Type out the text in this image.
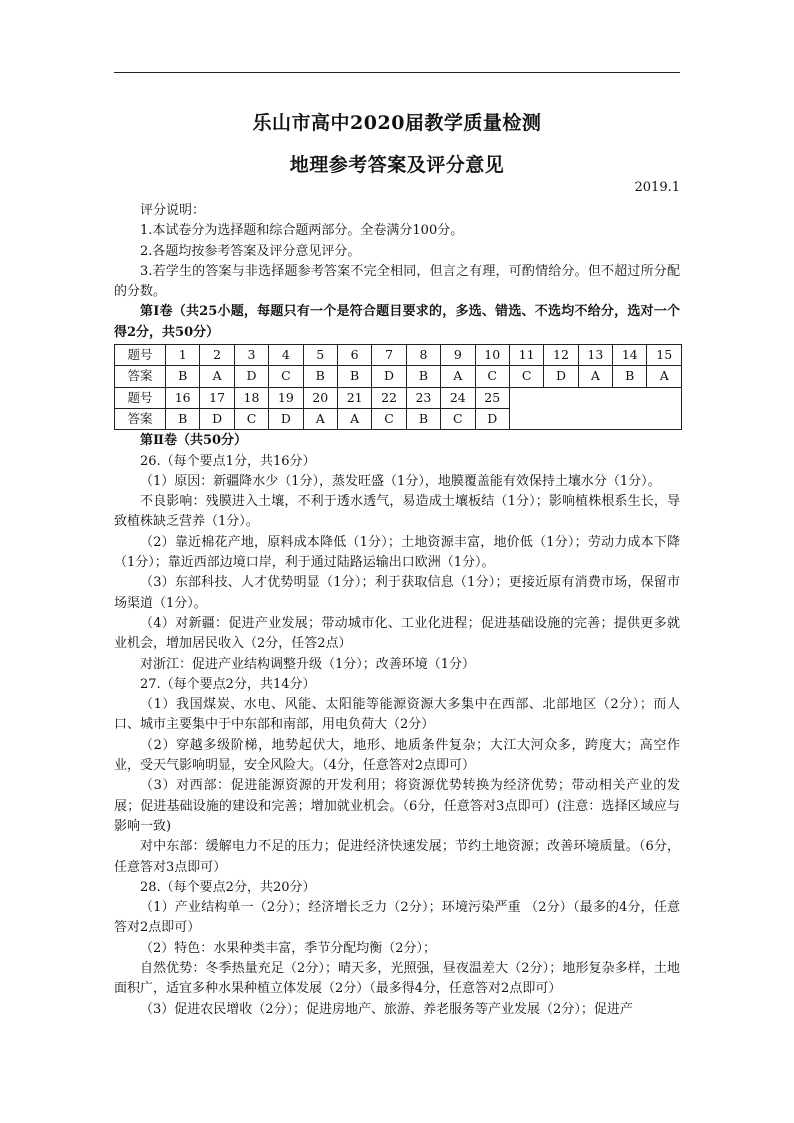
乐山市高中2020届教学质量检测
地理参考答案及评分意见
2019.1

评分说明：

1.本试卷分为选择题和综合题两部分。全卷满分100分。

2.各题均按参考答案及评分意见评分。

3.若学生的答案与非选择题参考答案不完全相同，但言之有理，可酌情给分。但不超过所分配的分数。

第Ⅰ卷（共25小题，每题只有一个是符合题目要求的，多选、错选、不选均不给分，选对一个得2分，共50分）

题号	1	2	3	4	5	6	7	8	9	10	11	12	13	14	15
答案	B	A	D	C	B	B	D	B	A	C	C	D	A	B	A
题号	16	17	18	19	20	21	22	23	24	25					
答案	B	D	C	D	A	A	C	B	C	D					

第Ⅱ卷（共50分）

26.（每个要点1分，共16分）

（1）原因：新疆降水少（1分），蒸发旺盛（1分），地膜覆盖能有效保持土壤水分（1分）。

不良影响：残膜进入土壤，不利于透水透气，易造成土壤板结（1分）；影响植株根系生长，导致植株缺乏营养（1分）。

（2）靠近棉花产地，原料成本降低（1分）；土地资源丰富，地价低（1分）；劳动力成本下降（1分）；靠近西部边境口岸，利于通过陆路运输出口欧洲（1分）。

（3）东部科技、人才优势明显（1分）；利于获取信息（1分）；更接近原有消费市场，保留市场渠道（1分）。

（4）对新疆：促进产业发展；带动城市化、工业化进程；促进基础设施的完善；提供更多就业机会，增加居民收入（2分，任答2点）

对浙江：促进产业结构调整升级（1分）；改善环境（1分）

27.（每个要点2分，共14分）

（1）我国煤炭、水电、风能、太阳能等能源资源大多集中在西部、北部地区（2分）；而人口、城市主要集中于中东部和南部，用电负荷大（2分）

（2）穿越多级阶梯，地势起伏大，地形、地质条件复杂；大江大河众多，跨度大；高空作业，受天气影响明显，安全风险大。（4分，任意答对2点即可）

（3）对西部：促进能源资源的开发利用；将资源优势转换为经济优势；带动相关产业的发展；促进基础设施的建设和完善；增加就业机会。（6分，任意答对3点即可）(注意：选择区域应与影响一致)

对中东部：缓解电力不足的压力；促进经济快速发展；节约土地资源；改善环境质量。（6分，任意答对3点即可）

28.（每个要点2分，共20分）

（1）产业结构单一（2分）；经济增长乏力（2分）；环境污染严重 （2分）（最多的4分，任意答对2点即可）

（2）特色：水果种类丰富，季节分配均衡（2分）；

自然优势：冬季热量充足（2分）；晴天多，光照强，昼夜温差大（2分）；地形复杂多样，土地面积广，适宜多种水果种植立体发展（2分）（最多得4分，任意答对2点即可）

（3）促进农民增收（2分）；促进房地产、旅游、养老服务等产业发展（2分）；促进产
